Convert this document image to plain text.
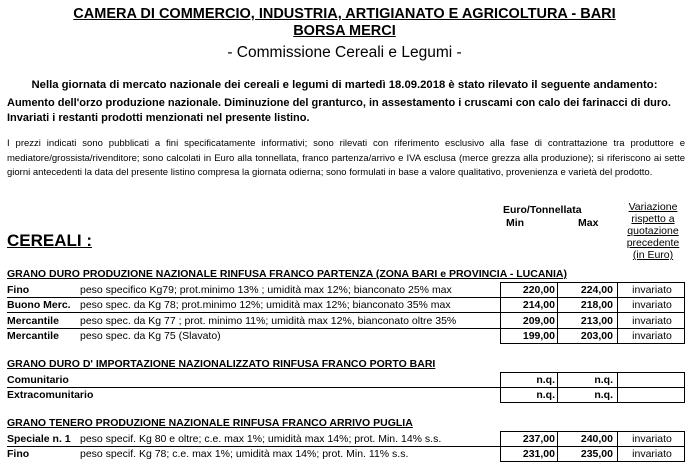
CAMERA DI COMMERCIO, INDUSTRIA, ARTIGIANATO E AGRICOLTURA - BARI
BORSA MERCI
- Commissione Cereali e Legumi -
Nella giornata di mercato nazionale dei cereali e legumi di martedì 18.09.2018 è stato rilevato il seguente andamento:
Aumento dell'orzo produzione nazionale. Diminuzione del granturco, in assestamento i cruscami con calo dei farinacci di duro. Invariati i restanti prodotti menzionati nel presente listino.
I prezzi indicati sono pubblicati a fini specificatamente informativi; sono rilevati con riferimento esclusivo alla fase di contrattazione tra produttore e mediatore/grossista/rivenditore; sono calcolati in Euro alla tonnellata, franco partenza/arrivo e IVA esclusa (merce grezza alla produzione); si riferiscono ai sette giorni antecedenti la data del presente listino compresa la giornata odierna; sono formulati in base a valore qualitativo, provenienza e varietà del prodotto.
Euro/Tonnellata
Min	Max
Variazione
rispetto a
quotazione
precedente
(in Euro)
CEREALI :
GRANO DURO PRODUZIONE NAZIONALE RINFUSA FRANCO PARTENZA (ZONA BARI e PROVINCIA - LUCANIA)
Fino	peso specifico Kg79; prot.minimo 13% ; umidità max 12%; bianconato 25% max	220,00	224,00	invariato
Buono Merc. peso spec. da Kg 78; prot.minimo 12%; umidità max 12%; bianconato 35% max	214,00	218,00	invariato
Mercantile peso spec. da Kg 77 ; prot. minimo 11%; umidità max 12%, bianconato oltre 35%	209,00	213,00	invariato
Mercantile peso spec. da Kg 75 (Slavato)	199,00	203,00	invariato
GRANO DURO D' IMPORTAZIONE NAZIONALIZZATO RINFUSA FRANCO PORTO BARI
Comunitario	n.q.	n.q.
Extracomunitario	n.q.	n.q.
GRANO TENERO PRODUZIONE NAZIONALE RINFUSA FRANCO ARRIVO PUGLIA
Speciale n. 1 peso specif. Kg 80 e oltre; c.e. max 1%; umidità max 14%; prot. Min. 14% s.s.	237,00	240,00	invariato
Fino	peso specif. Kg 78; c.e. max 1%; umidità max 14%; prot. Min. 11% s.s.	231,00	235,00	invariato
